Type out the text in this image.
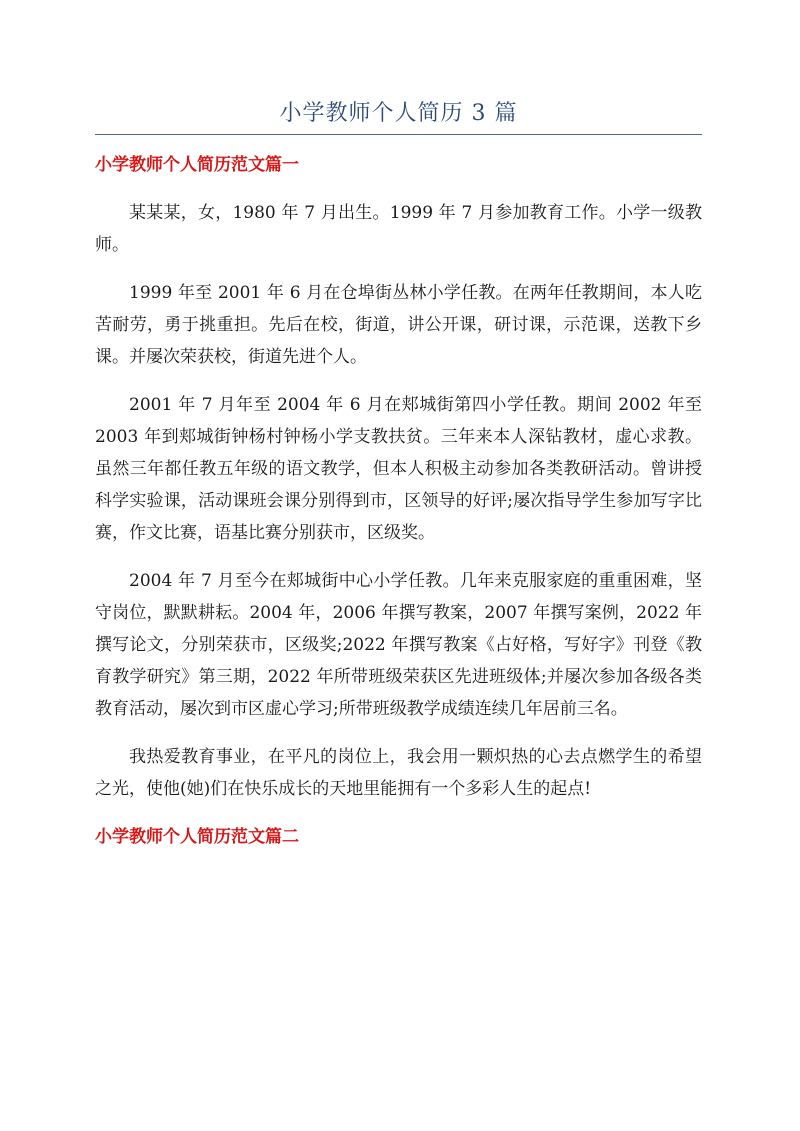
小学教师个人简历 3 篇
小学教师个人简历范文篇一

某某某，女，1980 年 7 月出生。1999 年 7 月参加教育工作。小学一级教师。

1999 年至 2001 年 6 月在仓埠街丛林小学任教。在两年任教期间，本人吃苦耐劳，勇于挑重担。先后在校，街道，讲公开课，研讨课，示范课，送教下乡课。并屡次荣获校，街道先进个人。

2001 年 7 月年至 2004 年 6 月在郏城街第四小学任教。期间 2002 年至 2003 年到郏城街钟杨村钟杨小学支教扶贫。三年来本人深钻教材，虚心求教。虽然三年都任教五年级的语文教学，但本人积极主动参加各类教研活动。曾讲授科学实验课，活动课班会课分别得到市，区领导的好评;屡次指导学生参加写字比赛，作文比赛，语基比赛分别获市，区级奖。

2004 年 7 月至今在郏城街中心小学任教。几年来克服家庭的重重困难，坚守岗位，默默耕耘。2004 年，2006 年撰写教案，2007 年撰写案例，2022 年撰写论文，分别荣获市，区级奖;2022 年撰写教案《占好格，写好字》刊登《教育教学研究》第三期，2022 年所带班级荣获区先进班级体;并屡次参加各级各类教育活动，屡次到市区虚心学习;所带班级教学成绩连续几年居前三名。

我热爱教育事业，在平凡的岗位上，我会用一颗炽热的心去点燃学生的希望之光，使他(她)们在快乐成长的天地里能拥有一个多彩人生的起点!

小学教师个人简历范文篇二
